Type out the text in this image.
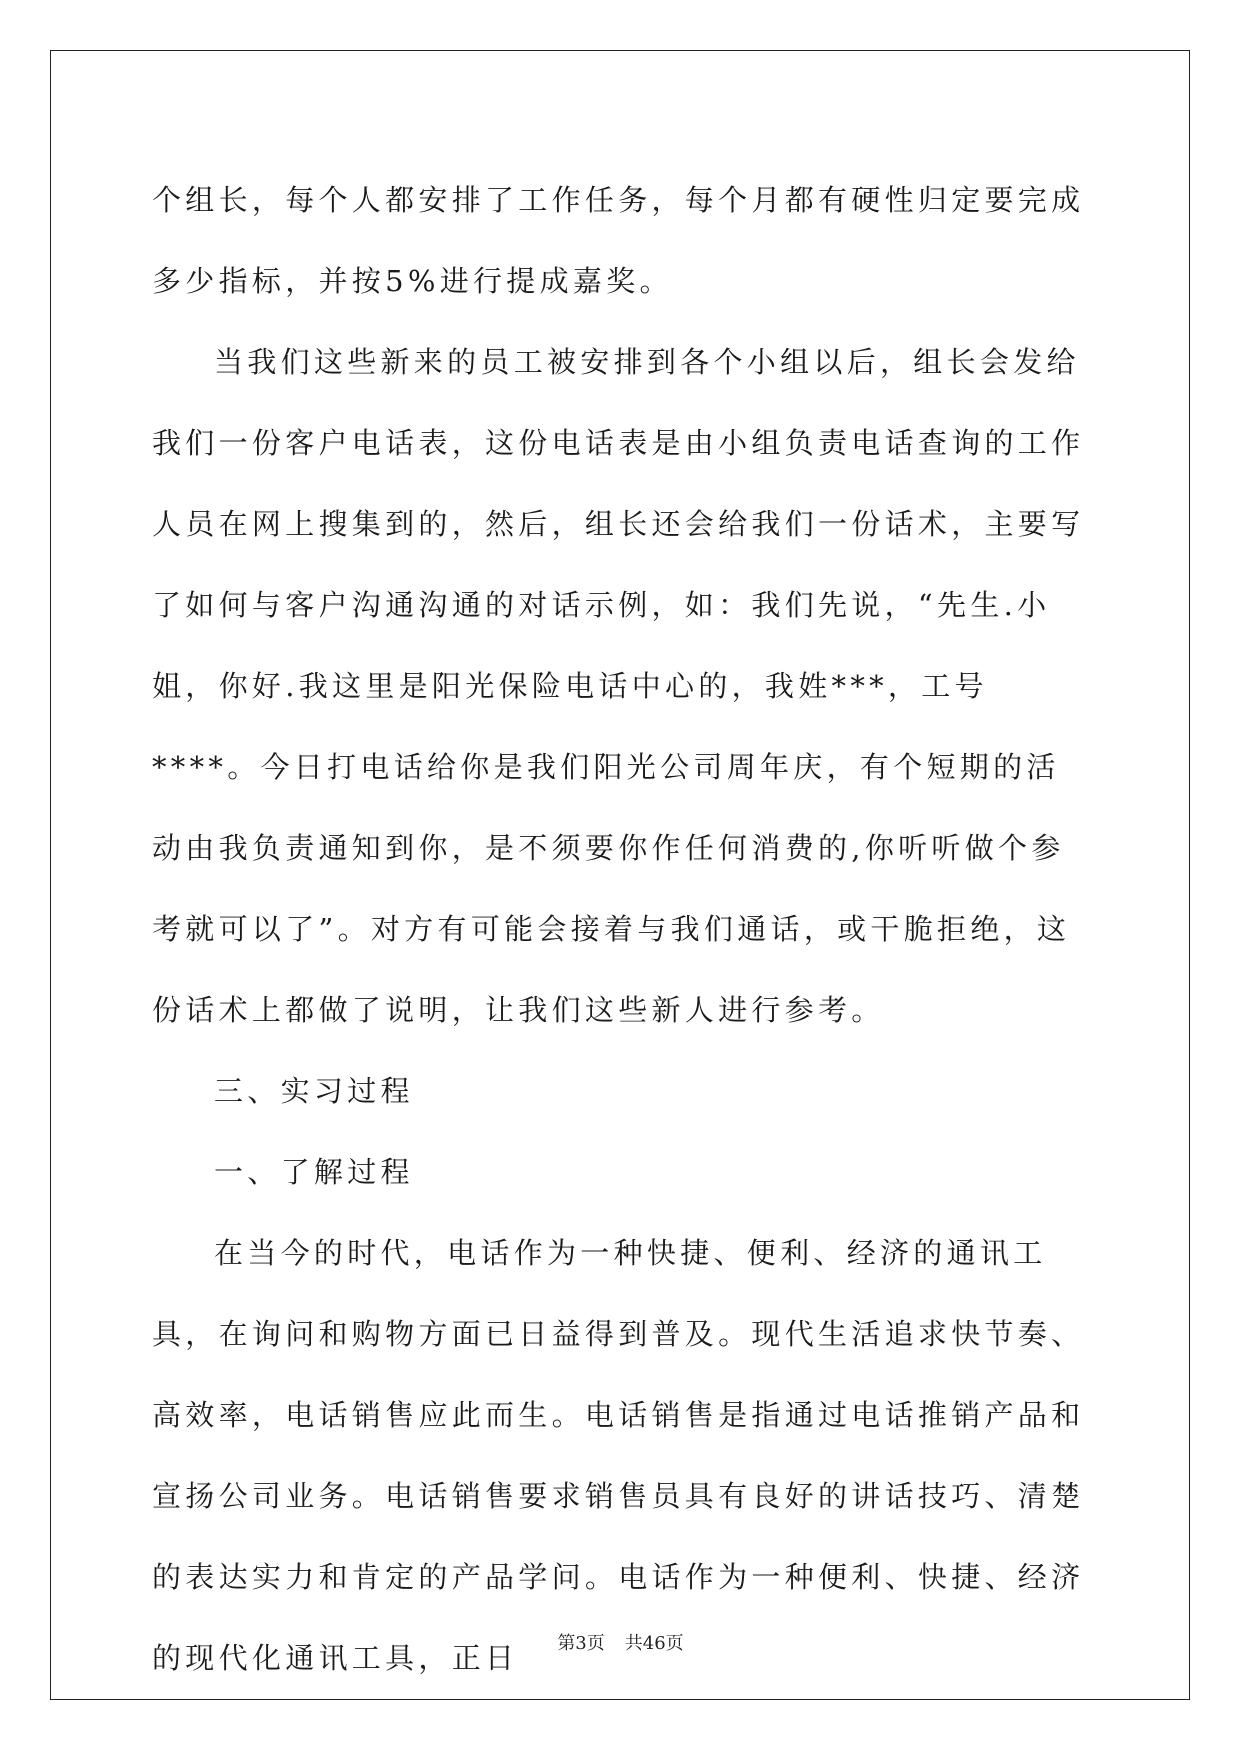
个组长，每个人都安排了工作任务，每个月都有硬性归定要完成多少指标，并按5%进行提成嘉奖。

当我们这些新来的员工被安排到各个小组以后，组长会发给我们一份客户电话表，这份电话表是由小组负责电话查询的工作人员在网上搜集到的，然后，组长还会给我们一份话术，主要写了如何与客户沟通沟通的对话示例，如：我们先说，“先生.小姐，你好.我这里是阳光保险电话中心的，我姓***，工号****。今日打电话给你是我们阳光公司周年庆，有个短期的活动由我负责通知到你，是不须要你作任何消费的,你听听做个参考就可以了”。对方有可能会接着与我们通话，或干脆拒绝，这份话术上都做了说明，让我们这些新人进行参考。

三、实习过程

一、了解过程

在当今的时代，电话作为一种快捷、便利、经济的通讯工具，在询问和购物方面已日益得到普及。现代生活追求快节奏、高效率，电话销售应此而生。电话销售是指通过电话推销产品和宣扬公司业务。电话销售要求销售员具有良好的讲话技巧、清楚的表达实力和肯定的产品学问。电话作为一种便利、快捷、经济的现代化通讯工具，正日	第3页 共46页
